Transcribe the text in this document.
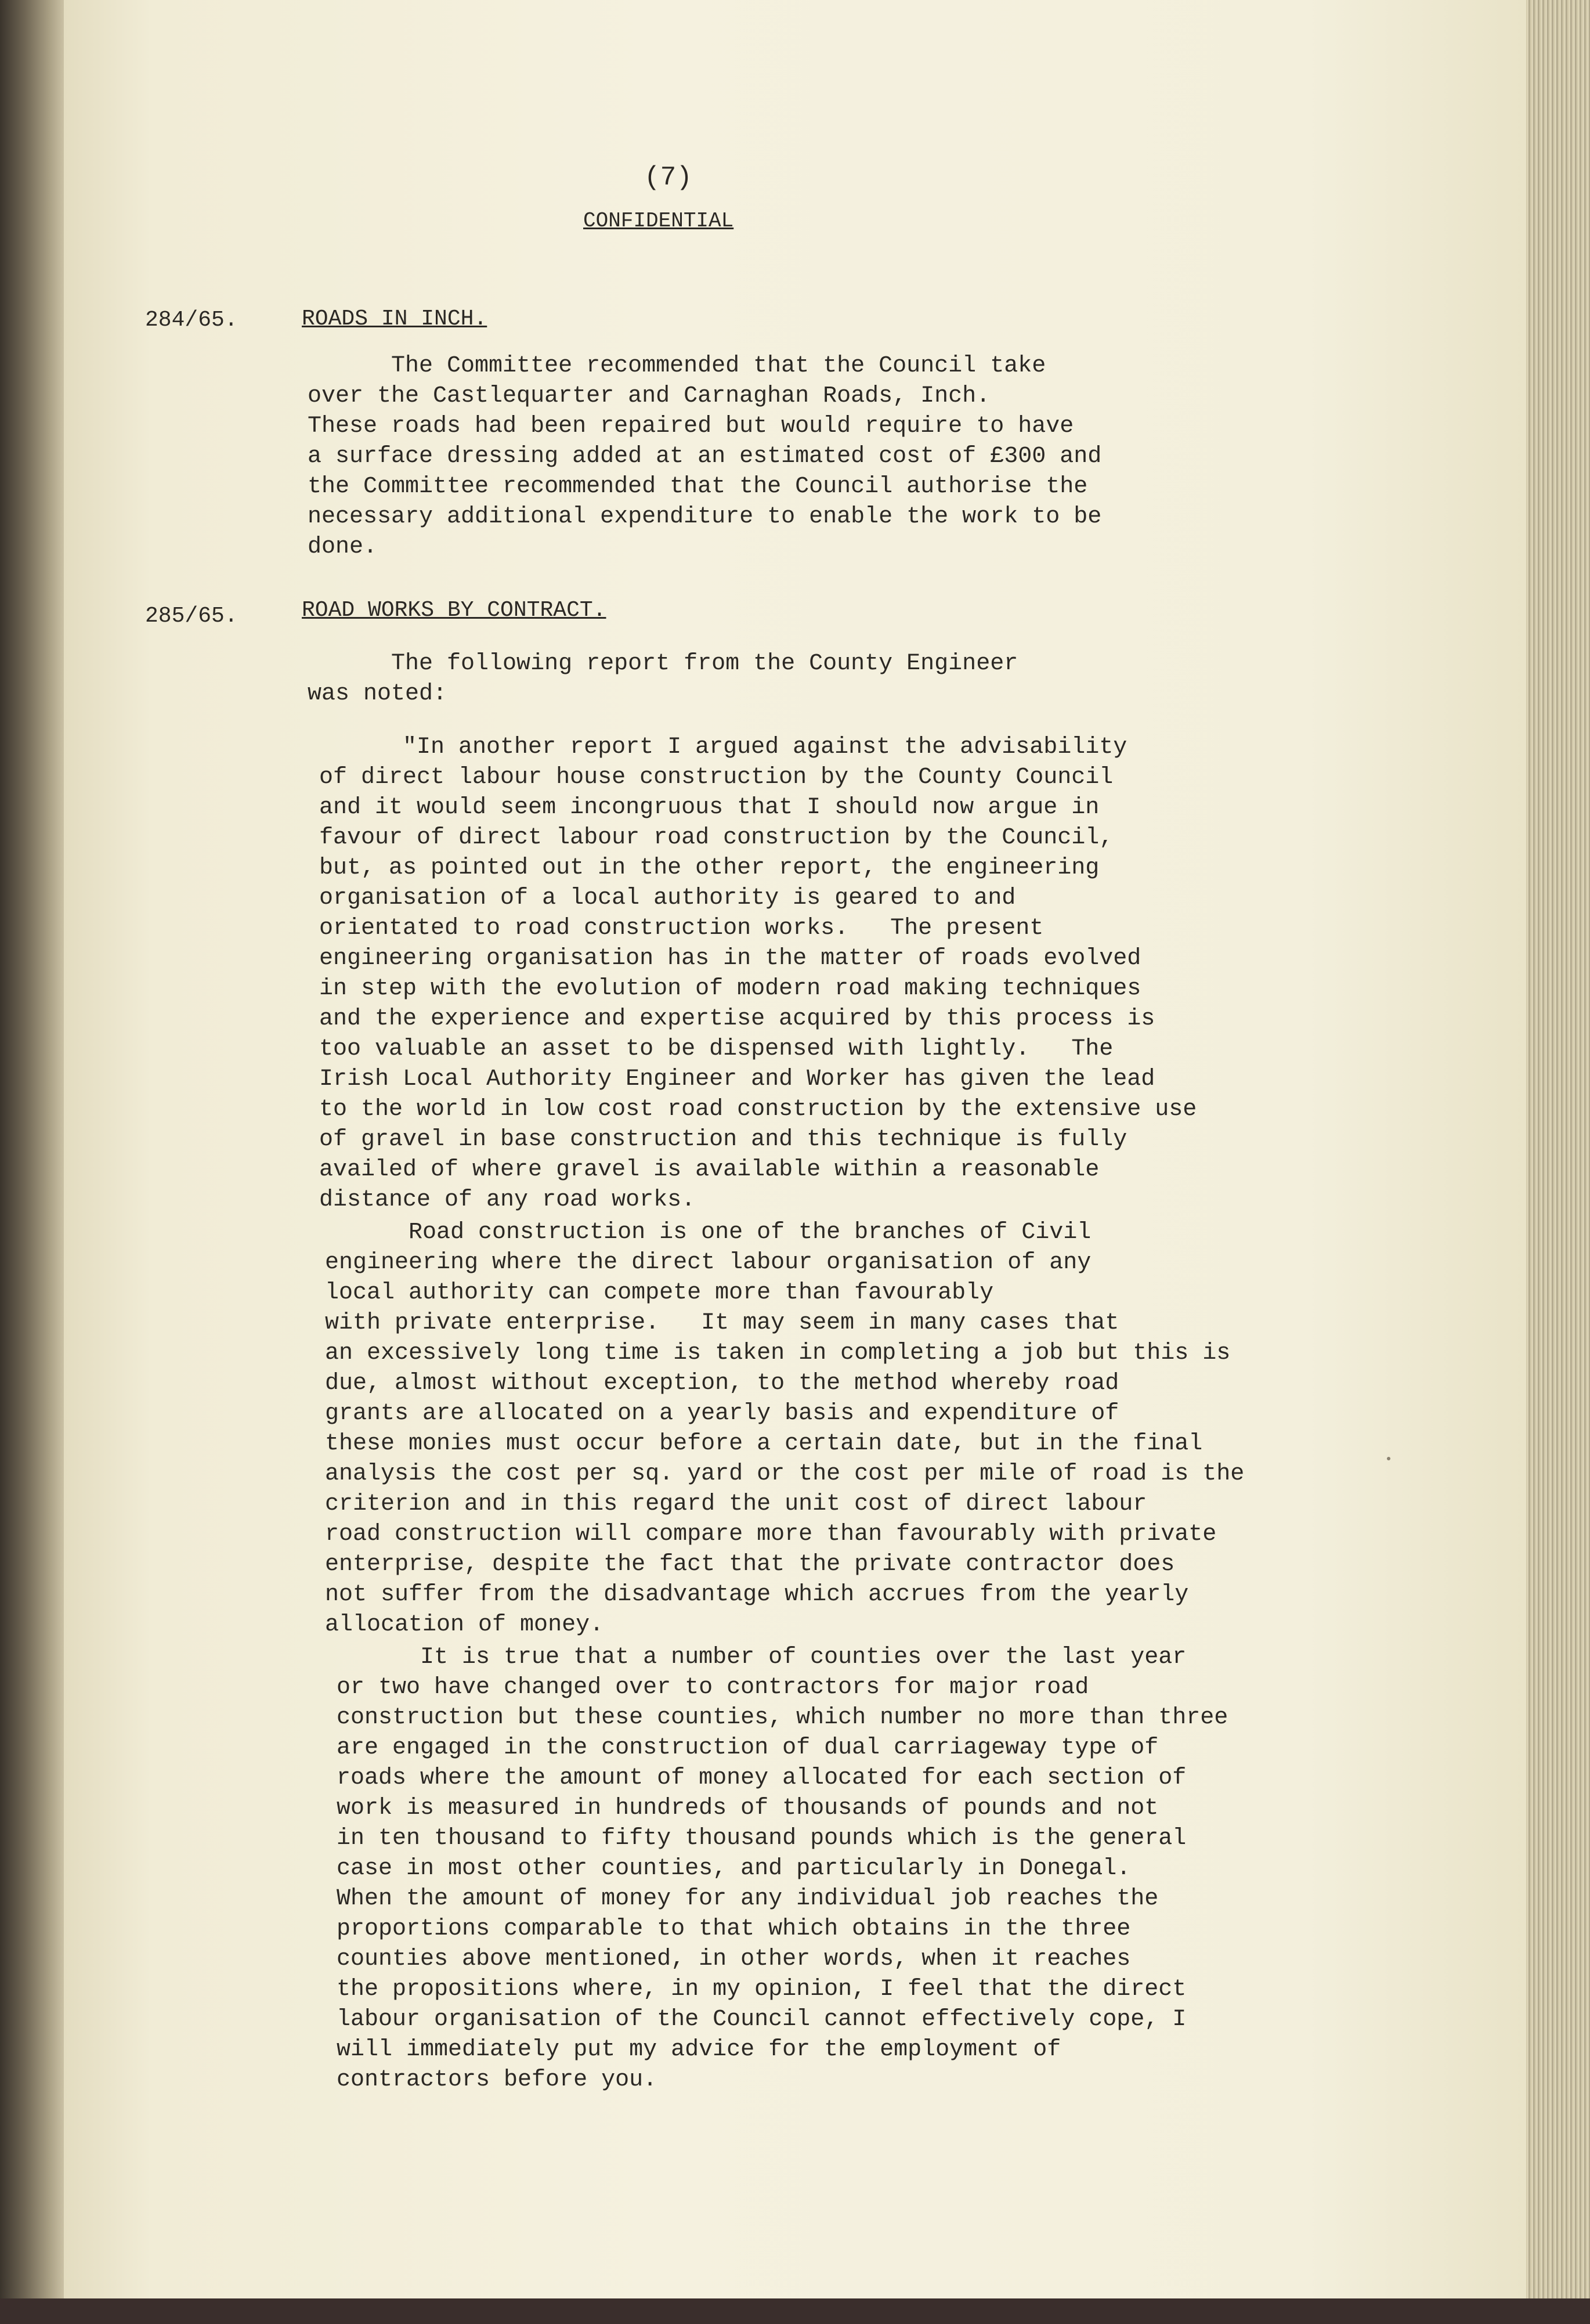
(7)
CONFIDENTIAL
284/65.	ROADS IN INCH.

The Committee recommended that the Council take

over the Castlequarter and Carnaghan Roads, Inch.

These roads had been repaired but would require to have

a surface dressing added at an estimated cost of £300 and

the Committee recommended that the Council authorise the

necessary additional expenditure to enable the work to be

done.

285/65.	ROAD WORKS BY CONTRACT.

The following report from the County Engineer

was noted:

"In another report I argued against the advisability

of direct labour house construction by the County Council

and it would seem incongruous that I should now argue in

favour of direct labour road construction by the Council,

but, as pointed out in the other report, the engineering

organisation of a local authority is geared to and

orientated to road construction works.   The present

engineering organisation has in the matter of roads evolved

in step with the evolution of modern road making techniques

and the experience and expertise acquired by this process is

too valuable an asset to be dispensed with lightly.   The

Irish Local Authority Engineer and Worker has given the lead

to the world in low cost road construction by the extensive use

of gravel in base construction and this technique is fully

availed of where gravel is available within a reasonable

distance of any road works.

Road construction is one of the branches of Civil

engineering where the direct labour organisation of any

local authority can compete more than favourably

with private enterprise.   It may seem in many cases that

an excessively long time is taken in completing a job but this is

due, almost without exception, to the method whereby road

grants are allocated on a yearly basis and expenditure of

these monies must occur before a certain date, but in the final

analysis the cost per sq. yard or the cost per mile of road is the

criterion and in this regard the unit cost of direct labour

road construction will compare more than favourably with private

enterprise, despite the fact that the private contractor does

not suffer from the disadvantage which accrues from the yearly

allocation of money.

It is true that a number of counties over the last year

or two have changed over to contractors for major road

construction but these counties, which number no more than three

are engaged in the construction of dual carriageway type of

roads where the amount of money allocated for each section of

work is measured in hundreds of thousands of pounds and not

in ten thousand to fifty thousand pounds which is the general

case in most other counties, and particularly in Donegal.

When the amount of money for any individual job reaches the

proportions comparable to that which obtains in the three

counties above mentioned, in other words, when it reaches

the propositions where, in my opinion, I feel that the direct

labour organisation of the Council cannot effectively cope, I

will immediately put my advice for the employment of

contractors before you.
